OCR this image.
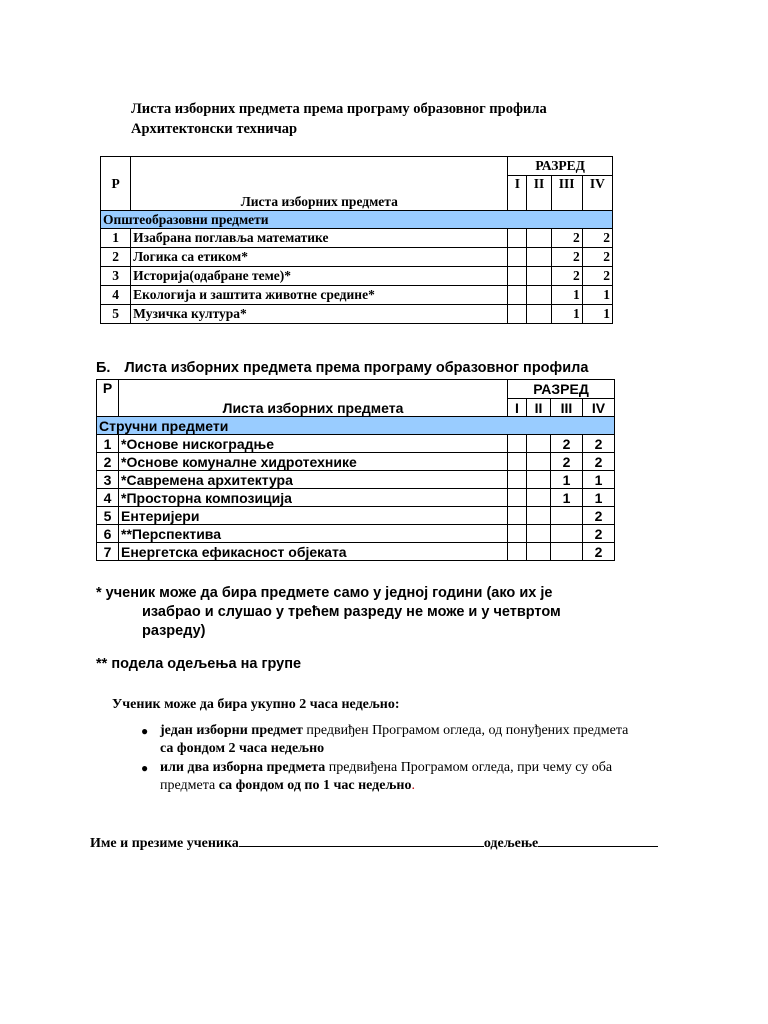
Листа изборних предмета према програму образовног профила
Архитектонски техничар
Р	Листа изборних предмета	РАЗРЕД			
		I	II	III	IV
Општеобразовни предмети					
1	Изабрана поглавља математике			2	2
2	Логика са етиком*			2	2
3	Историја(одабране теме)*			2	2
4	Екологија и заштита животне средине*			1	1
5	Музичка култура*			1	1
Б. Листа изборних предмета према програму образовног профила
Р	Листа изборних предмета	РАЗРЕД			
		I	II	III	IV
Стручни предмети					
1	*Основе нискоградње			2	2
2	*Основе комуналне хидротехнике			2	2
3	*Савремена архитектура			1	1
4	*Просторна композиција			1	1
5	Ентеријери				2
6	**Перспектива				2
7	Енергетска ефикасност објеката				2
* ученик може да бира предмете само у једној години (ако их је
изабрао и слушао у трећем разреду не може и у четвртом
разреду)
** подела одељења на групе
Ученик може да бира укупно 2 часа недељно:
● један изборни предмет предвиђен Програмом огледа, од понуђених предмета
са фондом 2 часа недељно
● или два изборна предмета предвиђена Програмом огледа, при чему су оба
предмета са фондом од по 1 час недељно.
Име и презиме ученика	одељење
